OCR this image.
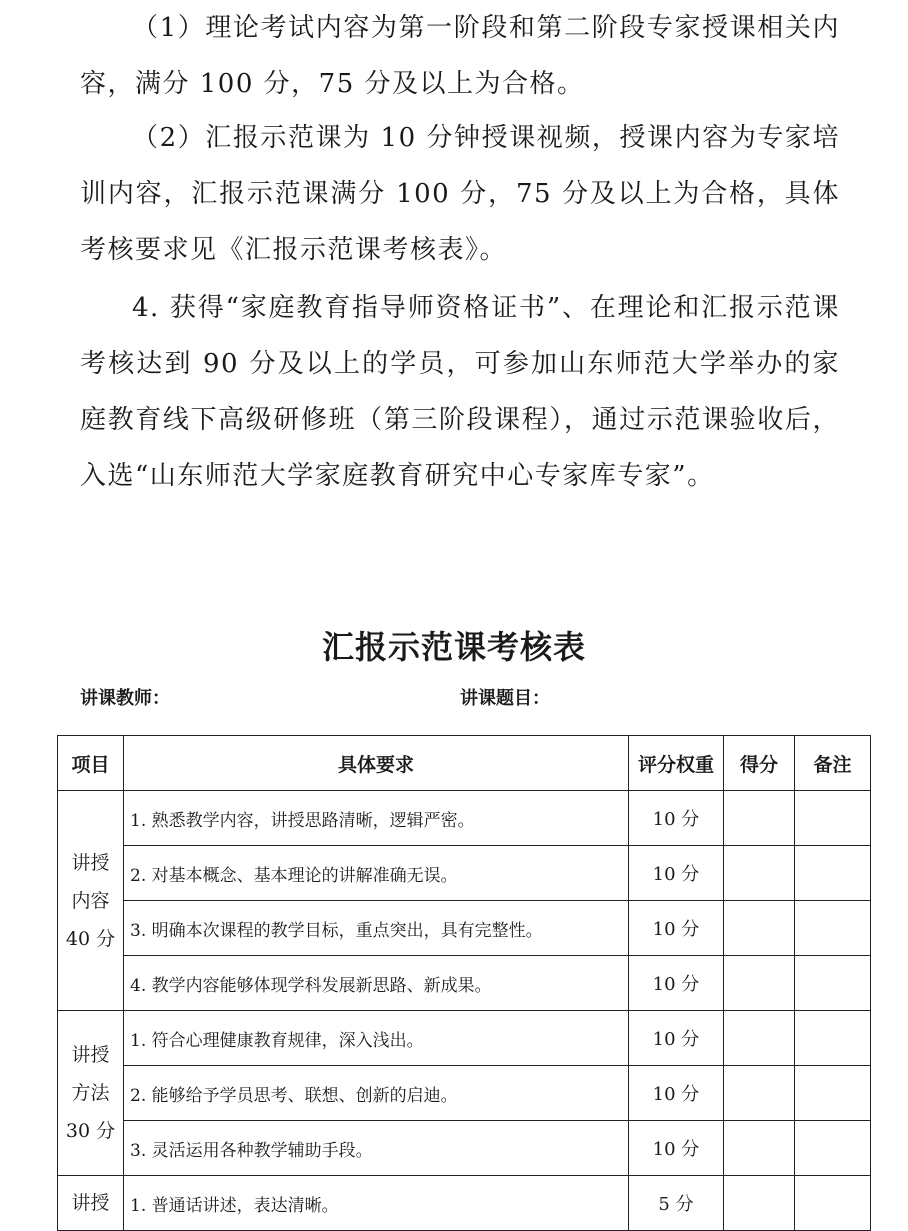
（1）理论考试内容为第一阶段和第二阶段专家授课相关内容，满分 100 分，75 分及以上为合格。

（2）汇报示范课为 10 分钟授课视频，授课内容为专家培训内容，汇报示范课满分 100 分，75 分及以上为合格，具体考核要求见《汇报示范课考核表》。

4. 获得“家庭教育指导师资格证书”、在理论和汇报示范课考核达到 90 分及以上的学员，可参加山东师范大学举办的家庭教育线下高级研修班（第三阶段课程），通过示范课验收后，入选“山东师范大学家庭教育研究中心专家库专家”。

汇报示范课考核表
讲课教师：	讲课题目：
项目	具体要求	评分权重	得分	备注

讲授
内容
40 分	1. 熟悉教学内容，讲授思路清晰，逻辑严密。	10 分		
	2. 对基本概念、基本理论的讲解准确无误。	10 分		
	3. 明确本次课程的教学目标，重点突出，具有完整性。	10 分		
	4. 教学内容能够体现学科发展新思路、新成果。	10 分		

讲授
方法
30 分	1. 符合心理健康教育规律，深入浅出。	10 分		
	2. 能够给予学员思考、联想、创新的启迪。	10 分		
	3. 灵活运用各种教学辅助手段。	10 分		

讲授	1. 普通话讲述，表达清晰。	5 分		
